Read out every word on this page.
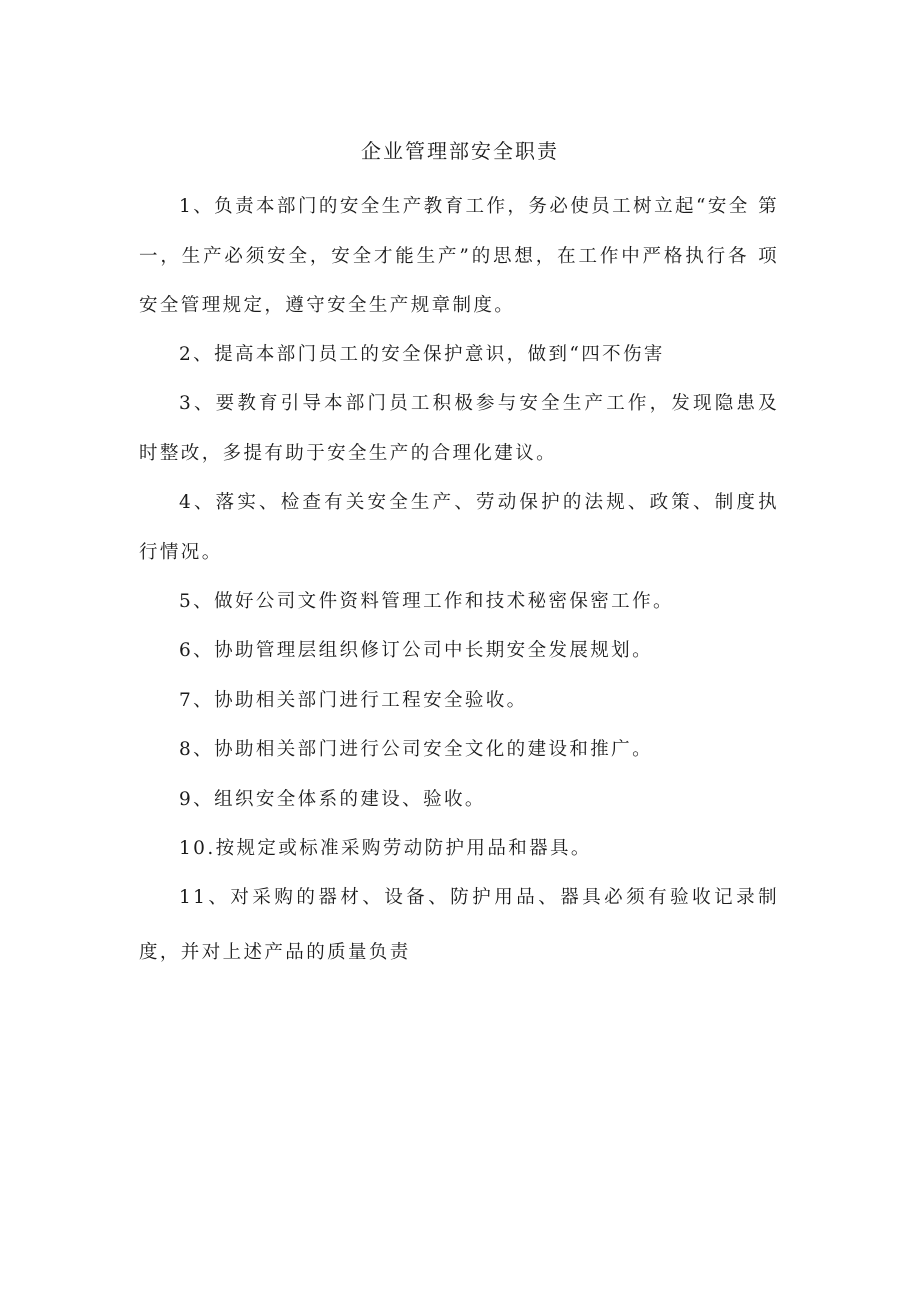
企业管理部安全职责

1、负责本部门的安全生产教育工作，务必使员工树立起“安全 第一，生产必须安全，安全才能生产”的思想，在工作中严格执行各 项安全管理规定，遵守安全生产规章制度。

2、提高本部门员工的安全保护意识，做到“四不伤害

3、要教育引导本部门员工积极参与安全生产工作，发现隐患及 时整改，多提有助于安全生产的合理化建议。

4、落实、检查有关安全生产、劳动保护的法规、政策、制度执 行情况。

5、做好公司文件资料管理工作和技术秘密保密工作。

6、协助管理层组织修订公司中长期安全发展规划。

7、协助相关部门进行工程安全验收。

8、协助相关部门进行公司安全文化的建设和推广。

9、组织安全体系的建设、验收。

10.按规定或标准采购劳动防护用品和器具。

11、对采购的器材、设备、防护用品、器具必须有验收记录制度，并对上述产品的质量负责
